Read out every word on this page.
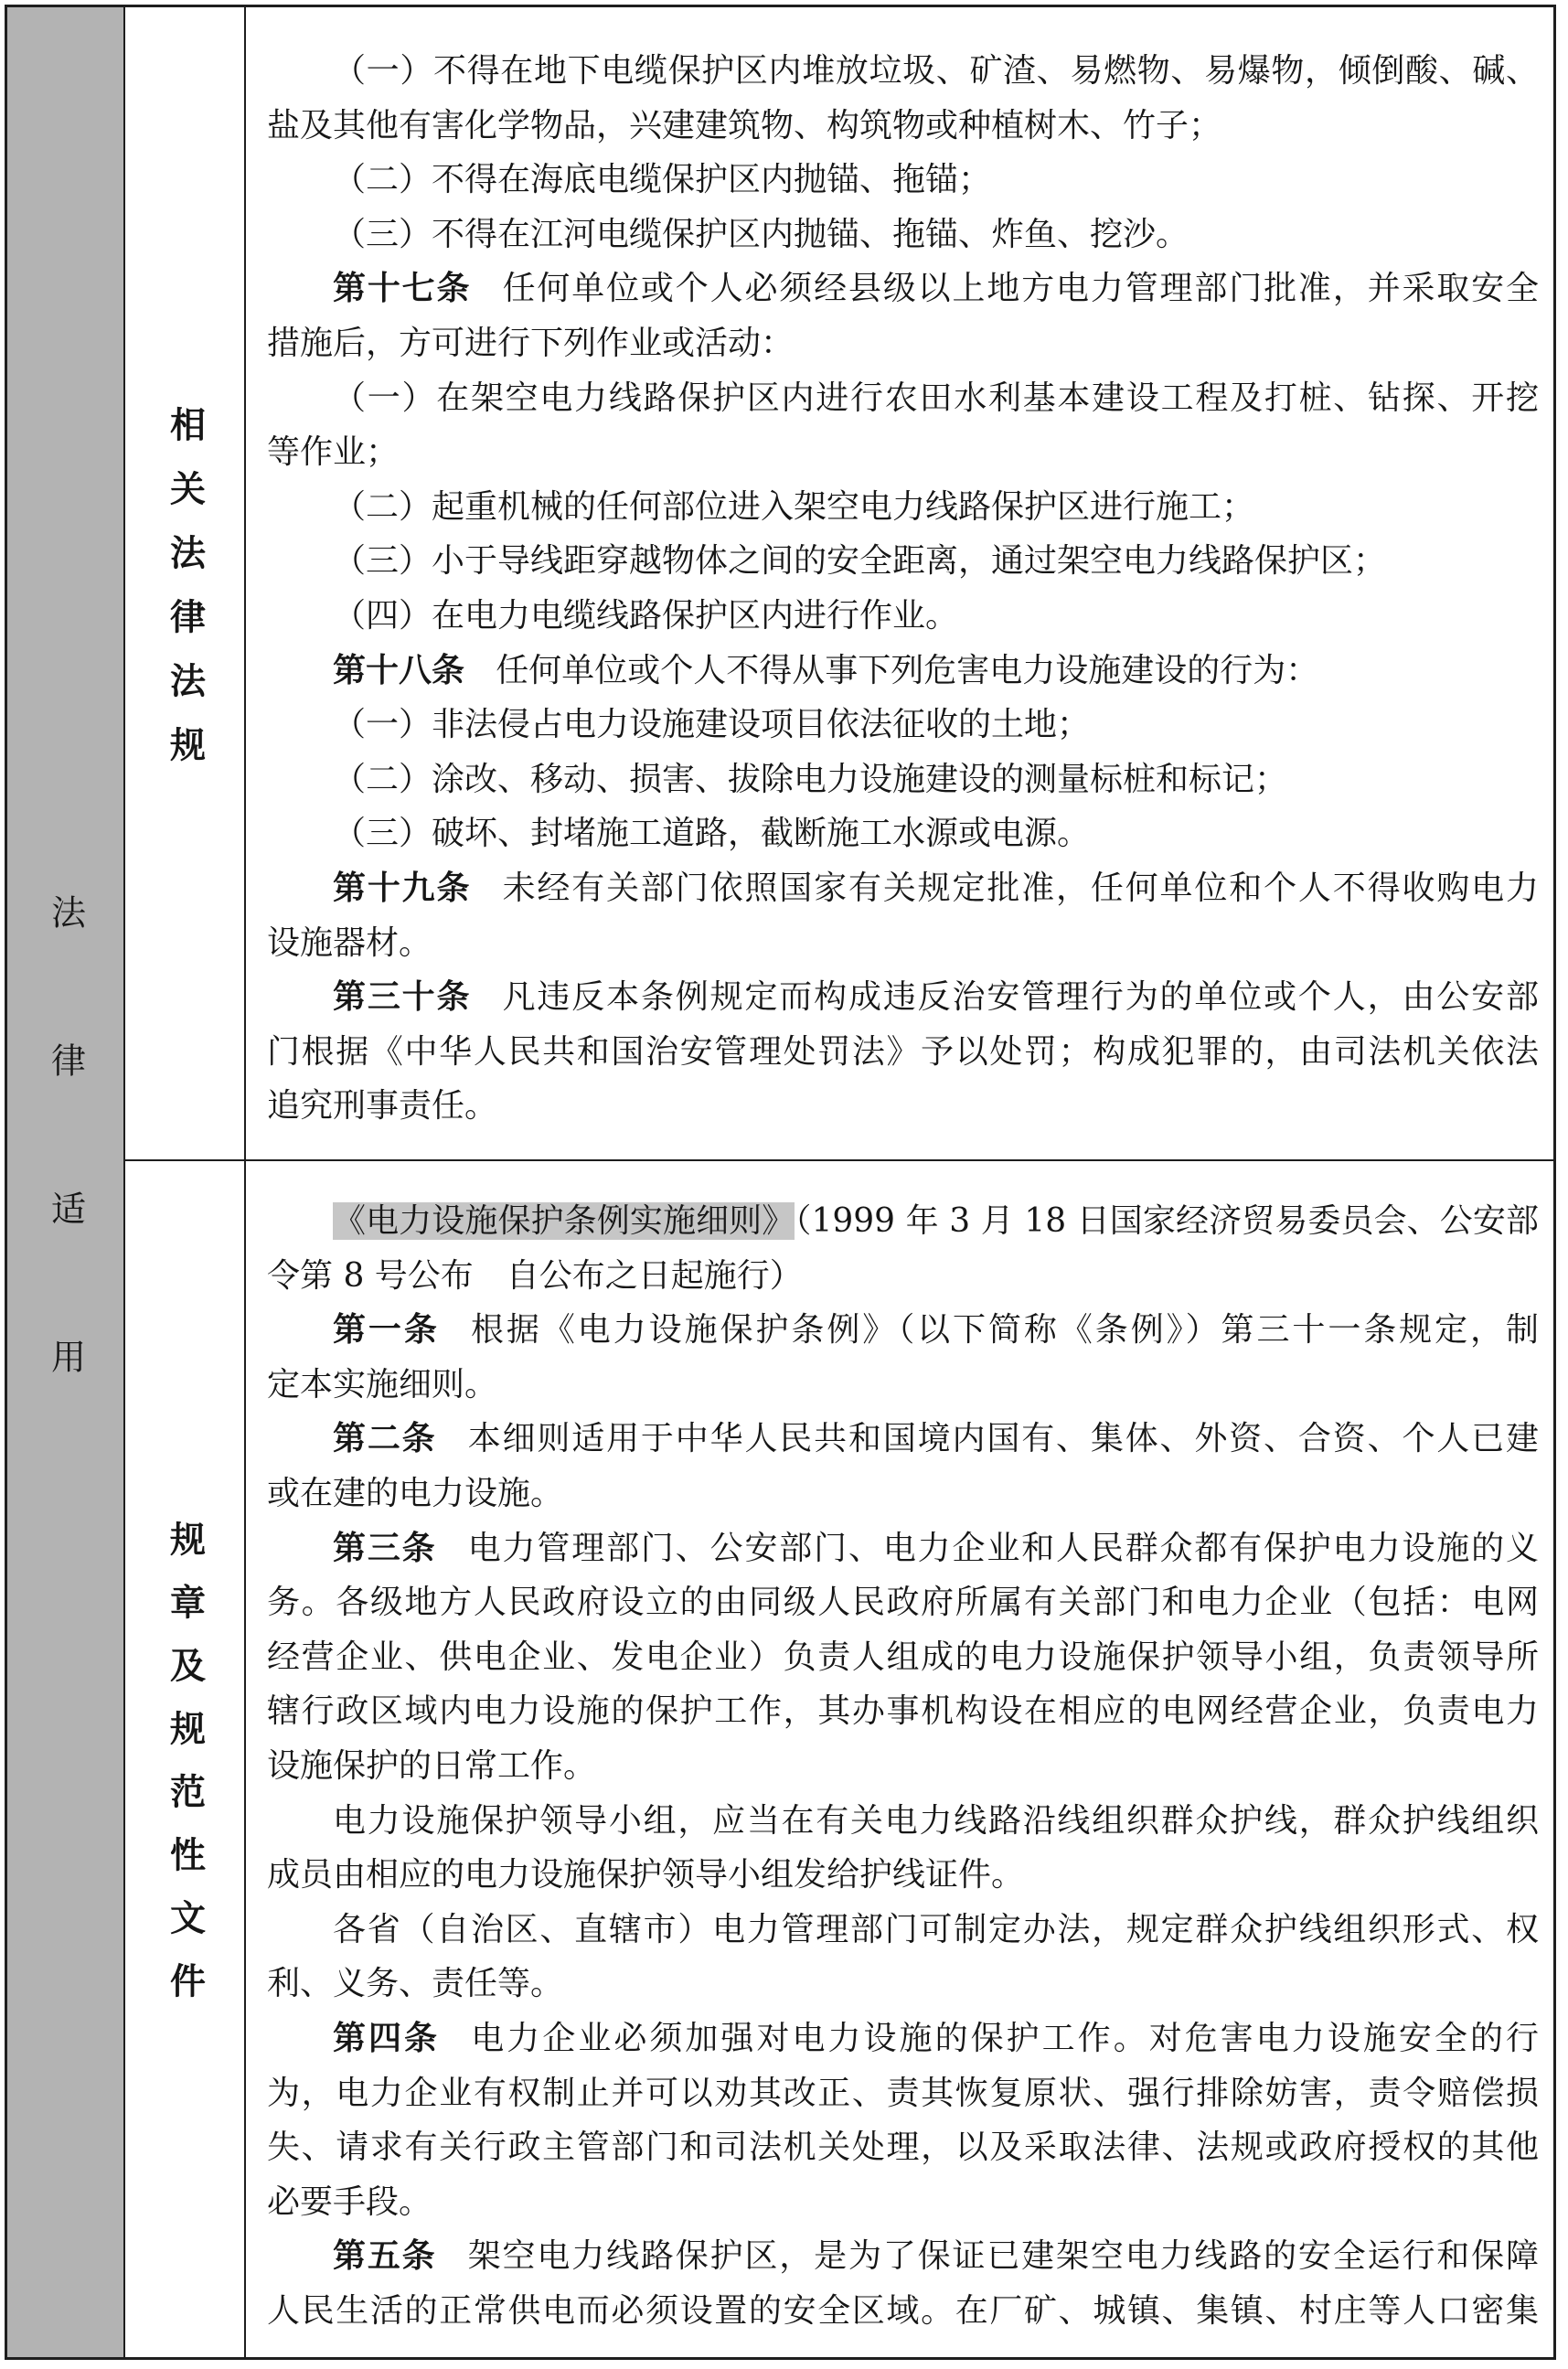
法律适用
相关法律法规
（一）不得在地下电缆保护区内堆放垃圾、矿渣、易燃物、易爆物，倾倒酸、碱、
盐及其他有害化学物品，兴建建筑物、构筑物或种植树木、竹子；
（二）不得在海底电缆保护区内抛锚、拖锚；
（三）不得在江河电缆保护区内抛锚、拖锚、炸鱼、挖沙。
第十七条 任何单位或个人必须经县级以上地方电力管理部门批准，并采取安全
措施后，方可进行下列作业或活动：
（一）在架空电力线路保护区内进行农田水利基本建设工程及打桩、钻探、开挖
等作业；
（二）起重机械的任何部位进入架空电力线路保护区进行施工；
（三）小于导线距穿越物体之间的安全距离，通过架空电力线路保护区；
（四）在电力电缆线路保护区内进行作业。
第十八条 任何单位或个人不得从事下列危害电力设施建设的行为：
（一）非法侵占电力设施建设项目依法征收的土地；
（二）涂改、移动、损害、拔除电力设施建设的测量标桩和标记；
（三）破坏、封堵施工道路，截断施工水源或电源。
第十九条 未经有关部门依照国家有关规定批准，任何单位和个人不得收购电力
设施器材。
第三十条 凡违反本条例规定而构成违反治安管理行为的单位或个人，由公安部
门根据《中华人民共和国治安管理处罚法》予以处罚；构成犯罪的，由司法机关依法
追究刑事责任。
规章及规范性文件
《电力设施保护条例实施细则》（1999 年 3 月 18 日国家经济贸易委员会、公安部
令第 8 号公布　自公布之日起施行）
第一条 根据《电力设施保护条例》（以下简称《条例》）第三十一条规定，制
定本实施细则。
第二条 本细则适用于中华人民共和国境内国有、集体、外资、合资、个人已建
或在建的电力设施。
第三条 电力管理部门、公安部门、电力企业和人民群众都有保护电力设施的义
务。各级地方人民政府设立的由同级人民政府所属有关部门和电力企业（包括：电网
经营企业、供电企业、发电企业）负责人组成的电力设施保护领导小组，负责领导所
辖行政区域内电力设施的保护工作，其办事机构设在相应的电网经营企业，负责电力
设施保护的日常工作。
电力设施保护领导小组，应当在有关电力线路沿线组织群众护线，群众护线组织
成员由相应的电力设施保护领导小组发给护线证件。
各省（自治区、直辖市）电力管理部门可制定办法，规定群众护线组织形式、权
利、义务、责任等。
第四条 电力企业必须加强对电力设施的保护工作。对危害电力设施安全的行
为，电力企业有权制止并可以劝其改正、责其恢复原状、强行排除妨害，责令赔偿损
失、请求有关行政主管部门和司法机关处理，以及采取法律、法规或政府授权的其他
必要手段。
第五条 架空电力线路保护区，是为了保证已建架空电力线路的安全运行和保障
人民生活的正常供电而必须设置的安全区域。在厂矿、城镇、集镇、村庄等人口密集
